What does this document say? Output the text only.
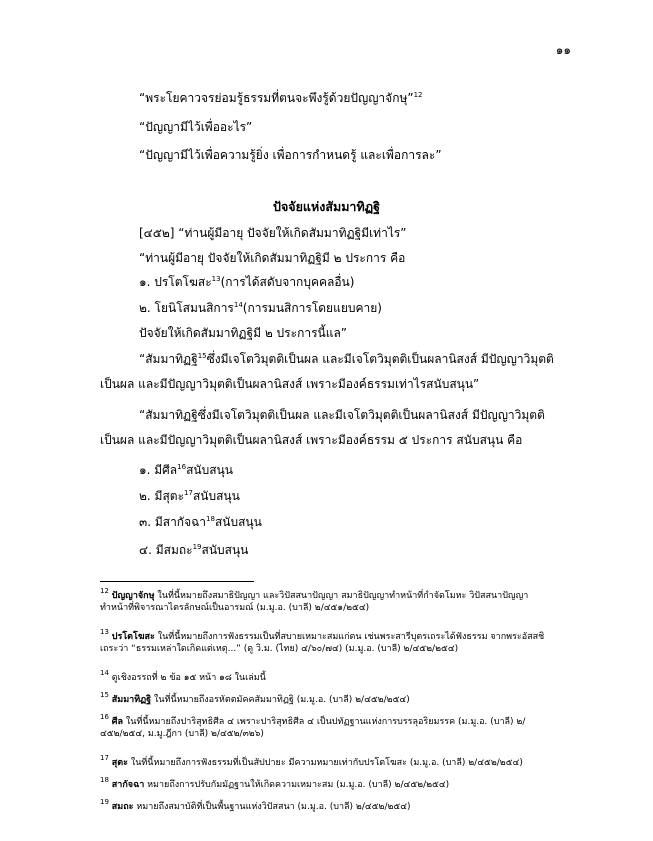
๑๑
“พระโยคาวจรย่อมรู้ธรรมที่ตนจะพึงรู้ด้วยปัญญาจักษุ”$^{12}$
“ปัญญามีไว้เพื่ออะไร”
“ปัญญามีไว้เพื่อความรู้ยิ่ง เพื่อการกำหนดรู้ และเพื่อการละ”
ปัจจัยแห่งสัมมาทิฏฐิ
[๔๕๒] “ท่านผู้มีอายุ ปัจจัยให้เกิดสัมมาทิฏฐิมีเท่าไร”
“ท่านผู้มีอายุ ปัจจัยให้เกิดสัมมาทิฏฐิมี ๒ ประการ คือ
๑. ปรโตโฆสะ$^{13}$(การได้สดับจากบุคคลอื่น)
๒. โยนิโสมนสิการ$^{14}$(การมนสิการโดยแยบคาย)
ปัจจัยให้เกิดสัมมาทิฏฐิมี ๒ ประการนี้แล”
“สัมมาทิฏฐิ$^{15}$ซึ่งมีเจโตวิมุตติเป็นผล และมีเจโตวิมุตติเป็นผลานิสงส์ มีปัญญาวิมุตติ
เป็นผล และมีปัญญาวิมุตติเป็นผลานิสงส์ เพราะมีองค์ธรรมเท่าไรสนับสนุน”
“สัมมาทิฏฐิซึ่งมีเจโตวิมุตติเป็นผล และมีเจโตวิมุตติเป็นผลานิสงส์ มีปัญญาวิมุตติ
เป็นผล และมีปัญญาวิมุตติเป็นผลานิสงส์ เพราะมีองค์ธรรม ๕ ประการ สนับสนุน คือ
๑. มีศีล$^{16}$สนับสนุน
๒. มีสุตะ$^{17}$สนับสนุน
๓. มีสากัจฉา$^{18}$สนับสนุน
๔. มีสมถะ$^{19}$สนับสนุน
$^{12}$ ปัญญาจักษุ ในที่นี้หมายถึงสมาธิปัญญา และวิปัสสนาปัญญา สมาธิปัญญาทำหน้าที่กำจัดโมหะ วิปัสสนาปัญญา
ทำหน้าที่พิจารณาไตรลักษณ์เป็นอารมณ์ (ม.มู.อ. (บาลี) ๒/๔๕๑/๒๕๔)
$^{13}$ ปรโตโฆสะ ในที่นี้หมายถึงการฟังธรรมเป็นที่สบายเหมาะสมแก่ตน เช่นพระสารีบุตรเถระได้ฟังธรรม จากพระอัสสชิ
เถระว่า “ธรรมเหล่าใดเกิดแต่เหตุ...” (ดู วิ.ม. (ไทย) ๔/๖๐/๗๔) (ม.มู.อ. (บาลี) ๒/๔๕๒/๒๕๔)
$^{14}$ ดูเชิงอรรถที่ ๒ ข้อ ๑๕ หน้า ๑๘ ในเล่มนี้
$^{15}$ สัมมาทิฏฐิ ในที่นี้หมายถึงอรหัตตมัคคสัมมาทิฏฐิ (ม.มู.อ. (บาลี) ๒/๔๕๒/๒๕๔)
$^{16}$ ศีล ในที่นี้หมายถึงปาริสุทธิศีล ๔ เพราะปาริสุทธิศีล ๔ เป็นปทัฏฐานแห่งการบรรลุอริยมรรค (ม.มู.อ. (บาลี) ๒/
๔๕๒/๒๕๔, ม.มู.ฎีกา (บาลี) ๒/๔๕๒/๓๒๖)
$^{17}$ สุตะ ในที่นี้หมายถึงการฟังธรรมที่เป็นสัปปายะ มีความหมายเท่ากับปรโตโฆสะ (ม.มู.อ. (บาลี) ๒/๔๕๒/๒๕๔)
$^{18}$ สากัจฉา หมายถึงการปรับกัมมัฏฐานให้เกิดความเหมาะสม (ม.มู.อ. (บาลี) ๒/๔๕๒/๒๕๔)
$^{19}$ สมถะ หมายถึงสมาบัติที่เป็นพื้นฐานแห่งวิปัสสนา (ม.มู.อ. (บาลี) ๒/๔๕๒/๒๕๔)
